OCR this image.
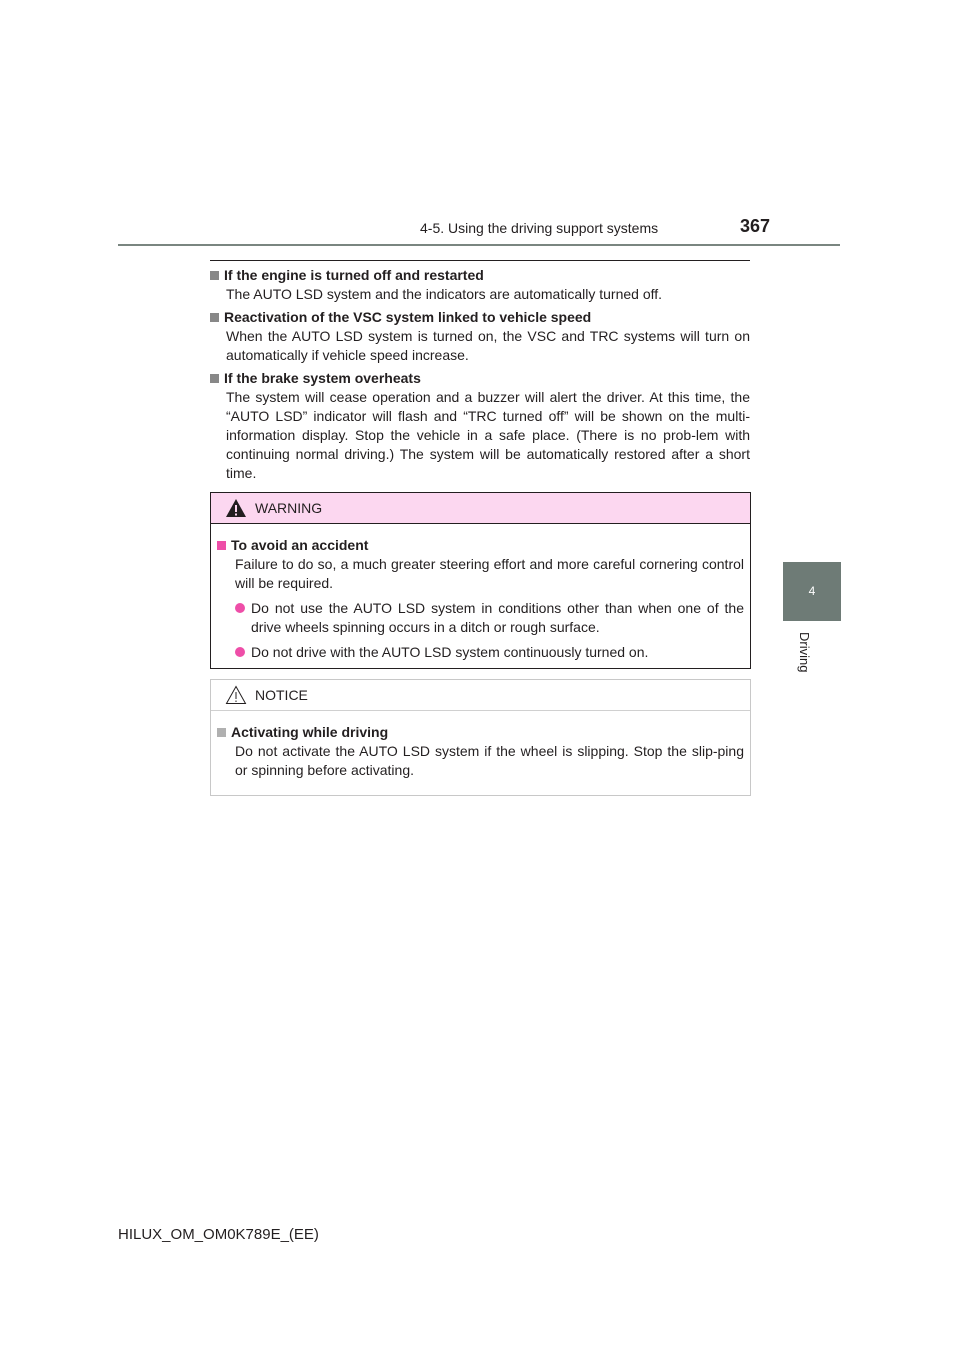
4-5. Using the driving support systems	367
4
Driving
If the engine is turned off and restarted
The AUTO LSD system and the indicators are automatically turned off.
Reactivation of the VSC system linked to vehicle speed
When the AUTO LSD system is turned on, the VSC and TRC systems will turn on automatically if vehicle speed increase.
If the brake system overheats
The system will cease operation and a buzzer will alert the driver. At this time, the “AUTO LSD” indicator will flash and “TRC turned off” will be shown on the multi-information display. Stop the vehicle in a safe place. (There is no prob-lem with continuing normal driving.) The system will be automatically restored after a short time.
WARNING
To avoid an accident
Failure to do so, a much greater steering effort and more careful cornering control will be required.
Do not use the AUTO LSD system in conditions other than when one of the drive wheels spinning occurs in a ditch or rough surface.
Do not drive with the AUTO LSD system continuously turned on.
NOTICE
Activating while driving
Do not activate the AUTO LSD system if the wheel is slipping. Stop the slip-ping or spinning before activating.
HILUX_OM_OM0K789E_(EE)
